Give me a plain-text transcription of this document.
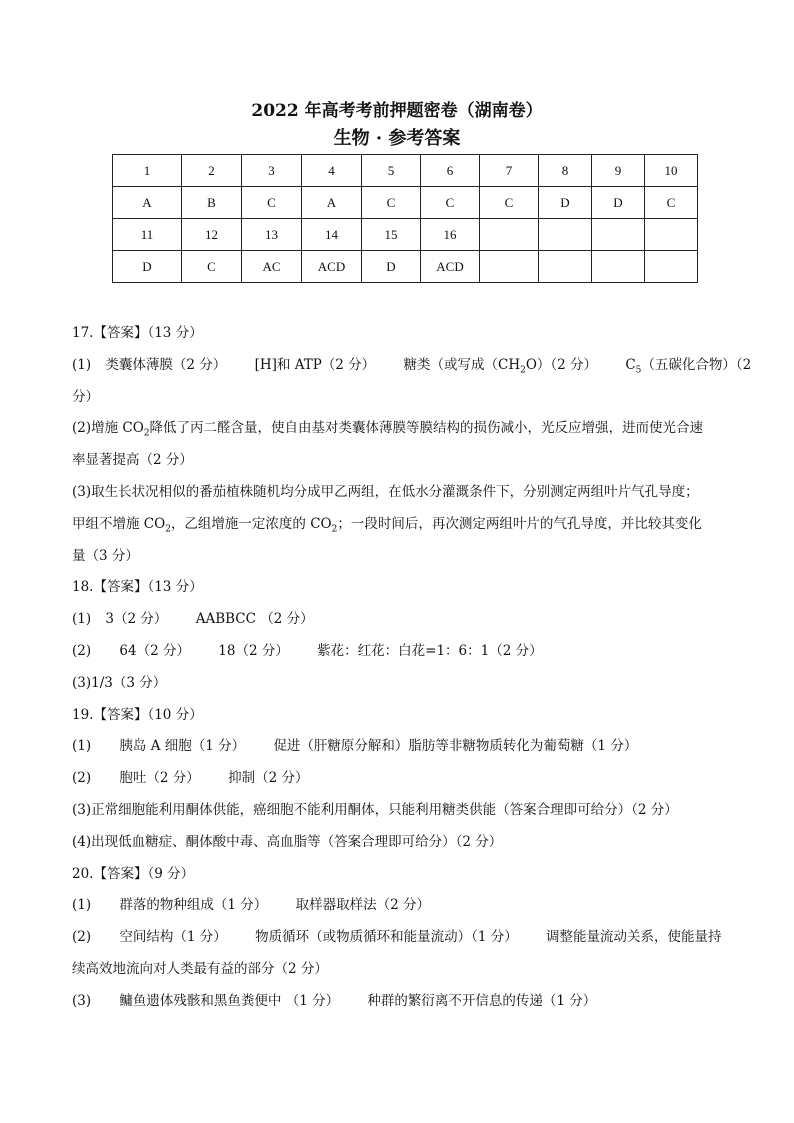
2022 年高考考前押题密卷（湖南卷）
生物 · 参考答案
1	2	3	4	5	6	7	8	9	10
A	B	C	A	C	C	C	D	D	C
11	12	13	14	15	16				
D	C	AC	ACD	D	ACD				
17.【答案】（13 分）
(1) 类囊体薄膜（2 分） [H]和 ATP（2 分） 糖类（或写成$(CH_2O)(2$ 分） $C_5$（五碳化合物）（2
分）
(2)增施 $CO_2$降低了丙二醛含量，使自由基对类囊体薄膜等膜结构的损伤减小，光反应增强，进而使光合速
率显著提高（2 分）
(3)取生长状况相似的番茄植株随机均分成甲乙两组，在低水分灌溉条件下，分别测定两组叶片气孔导度；
甲组不增施 $CO_2$，乙组增施一定浓度的 $CO_2$；一段时间后，再次测定两组叶片的气孔导度，并比较其变化
量（3 分）
18.【答案】（13 分）
(1) 3（2 分） AABBCC （2 分）
(2) 64（2 分） 18（2 分） 紫花：红花：白花=1：6：1（2 分）
(3)1/3（3 分）
19.【答案】（10 分）
(1) 胰岛 A 细胞（1 分） 促进（肝糖原分解和）脂肪等非糖物质转化为葡萄糖（1 分）
(2) 胞吐（2 分） 抑制（2 分）
(3)正常细胞能利用酮体供能，癌细胞不能利用酮体，只能利用糖类供能（答案合理即可给分）（2 分）
(4)出现低血糖症、酮体酸中毒、高血脂等（答案合理即可给分）（2 分）
20.【答案】（9 分）
(1) 群落的物种组成（1 分） 取样器取样法（2 分）
(2) 空间结构（1 分） 物质循环（或物质循环和能量流动）（1 分） 调整能量流动关系，使能量持
续高效地流向对人类最有益的部分（2 分）
(3) 鳙鱼遗体残骸和黑鱼粪便中 （1 分） 种群的繁衍离不开信息的传递（1 分）
